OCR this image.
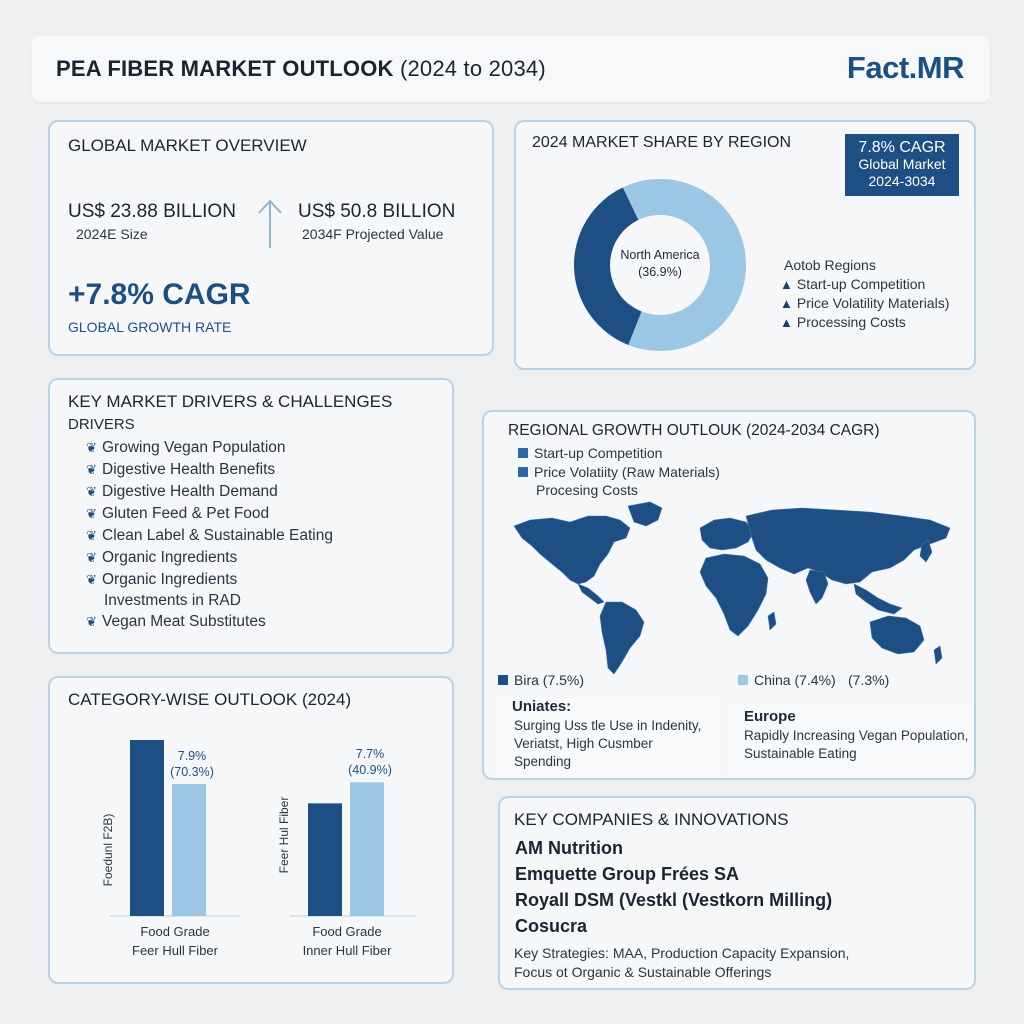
PEA FIBER MARKET OUTLOOK (2024 to 2034)	Fact.MR
GLOBAL MARKET OVERVIEW
US$ 23.88 BILLION
2024E Size
US$ 50.8 BILLION
2034F Projected Value
+7.8% CAGR
GLOBAL GROWTH RATE
2024 MARKET SHARE BY REGION	7.8% CAGR
Global Market
2024-3034
North America
(36.9%)	Aotob Regions
▲ Start-up Competition
▲ Price Volatility Materials)
▲ Processing Costs
KEY MARKET DRIVERS & CHALLENGES
DRIVERS
❦ Growing Vegan Population
❦ Digestive Health Benefits
❦ Digestive Health Demand
❦ Gluten Feed & Pet Food
❦ Clean Label & Sustainable Eating
❦ Organic Ingredients
❦ Organic Ingredients
Investments in RAD
❦ Vegan Meat Substitutes
REGIONAL GROWTH OUTLOUK (2024-2034 CAGR)
Start-up Competition
Price Volatiity (Raw Materials)
Procesing Costs
Bira (7.5%)	China (7.4%) (7.3%)
Uniates:
Surging Uss tle Use in Indenity,
Veriatst, High Cusmber
Spending
Europe
Rapidly Increasing Vegan Population,
Sustainable Eating
CATEGORY-WISE OUTLOOK (2024)
Foedunl F2B)
7.9%
(70.3%)
Food Grade
Feer Hull Fiber
Feer Hul Fiber
7.7%
(40.9%)
Food Grade
Inner Hull Fiber
KEY COMPANIES & INNOVATIONS
AM Nutrition
Emquette Group Frées SA
Royall DSM (Vestkl (Vestkorn Milling)
Cosucra
Key Strategies: MAA, Production Capacity Expansion,
Focus ot Organic & Sustainable Offerings
